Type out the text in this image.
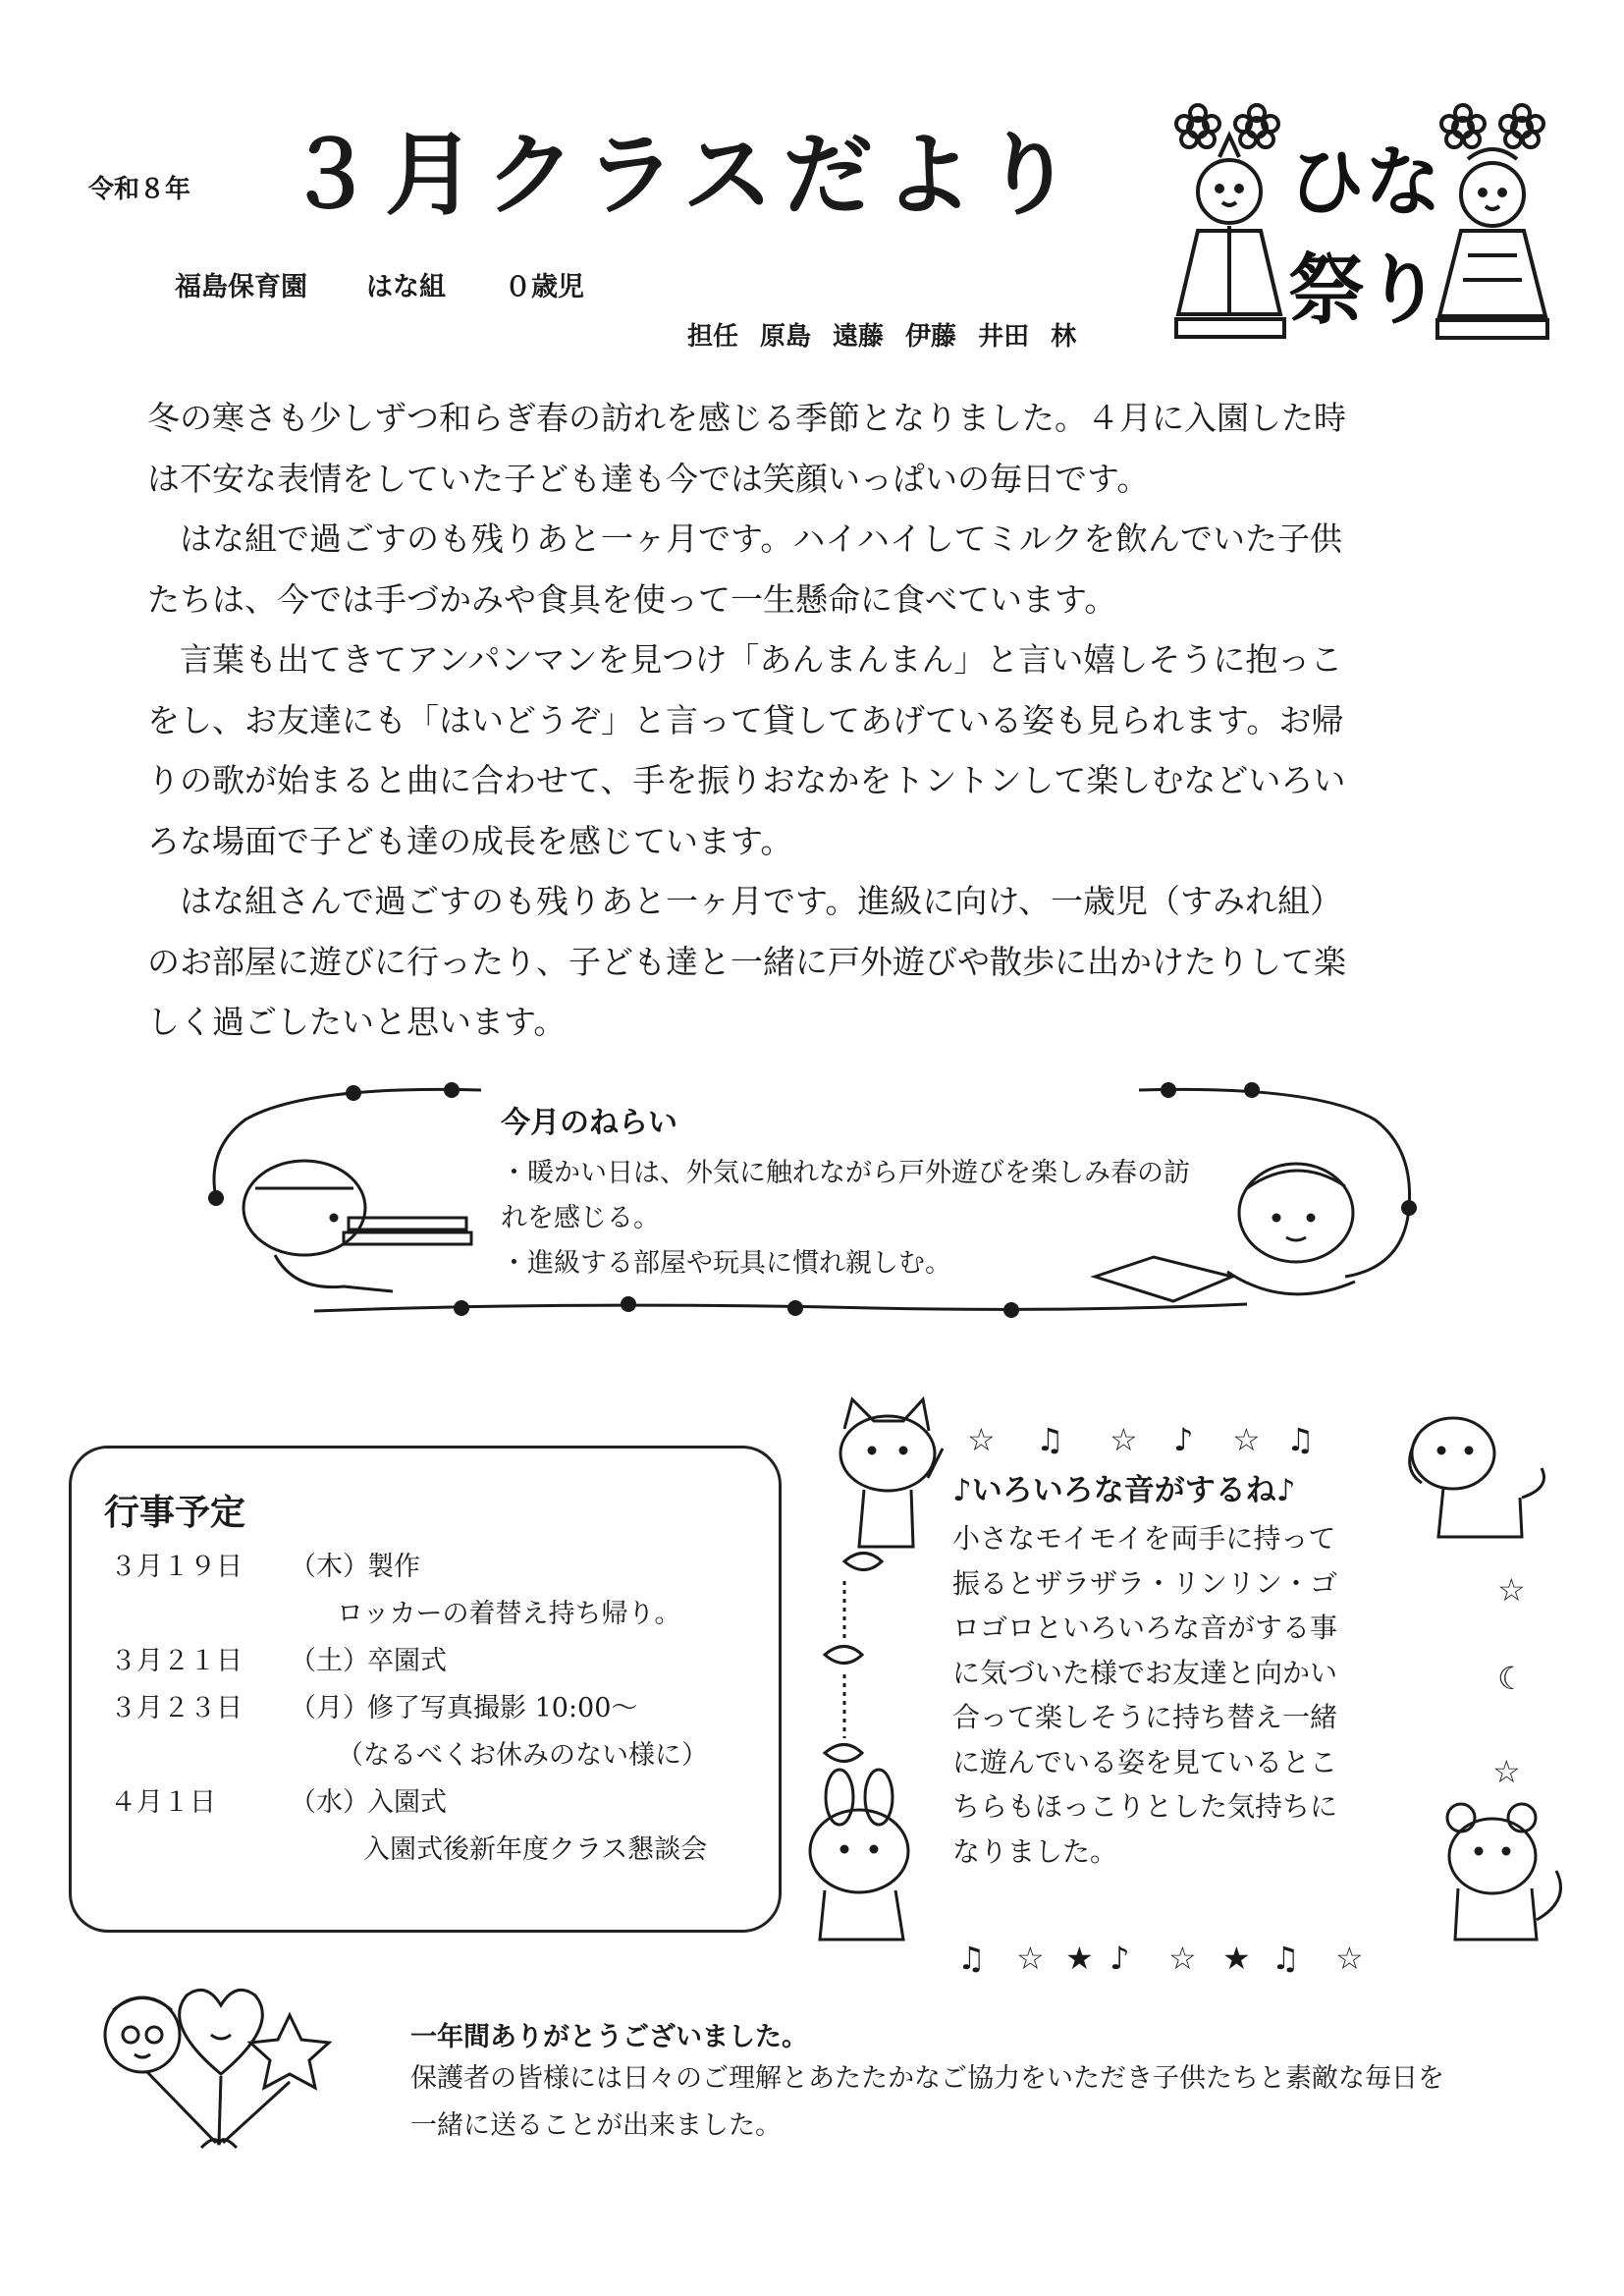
令和８年 ３月クラスだより
福島保育園 はな組 ０歳児
担任 原島 遠藤 伊藤 井田 林
ひな
祭り

冬の寒さも少しずつ和らぎ春の訪れを感じる季節となりました。４月に入園した時

は不安な表情をしていた子ども達も今では笑顔いっぱいの毎日です。

はな組で過ごすのも残りあと一ヶ月です。ハイハイしてミルクを飲んでいた子供

たちは、今では手づかみや食具を使って一生懸命に食べています。

言葉も出てきてアンパンマンを見つけ「あんまんまん」と言い嬉しそうに抱っこ

をし、お友達にも「はいどうぞ」と言って貸してあげている姿も見られます。お帰

りの歌が始まると曲に合わせて、手を振りおなかをトントンして楽しむなどいろい

ろな場面で子ども達の成長を感じています。

はな組さんで過ごすのも残りあと一ヶ月です。進級に向け、一歳児（すみれ組）

のお部屋に遊びに行ったり、子ども達と一緒に戸外遊びや散歩に出かけたりして楽

しく過ごしたいと思います。

今月のねらい
・暖かい日は、外気に触れながら戸外遊びを楽しみ春の訪
れを感じる。
・進級する部屋や玩具に慣れ親しむ。
行事予定
３月１９日 （木）
製作
ロッカーの着替え持ち帰り。
３月２１日 （土）
卒園式
３月２３日 （月）
修了写真撮影 10:00～
（なるべくお休みのない様に）
４月１日	（水）
入園式
入園式後新年度クラス懇談会
☆ ♫ ☆ ♪ ☆ ♫
☆
☾
☆
♫ ☆ ★ ♪ ☆ ★ ♫ ☆
♪いろいろな音がするね♪
小さなモイモイを両手に持って
振るとザラザラ・リンリン・ゴ
ロゴロといろいろな音がする事
に気づいた様でお友達と向かい
合って楽しそうに持ち替え一緒
に遊んでいる姿を見ているとこ
ちらもほっこりとした気持ちに
なりました。
一年間ありがとうございました。
保護者の皆様には日々のご理解とあたたかなご協力をいただき子供たちと素敵な毎日を
一緒に送ることが出来ました。
